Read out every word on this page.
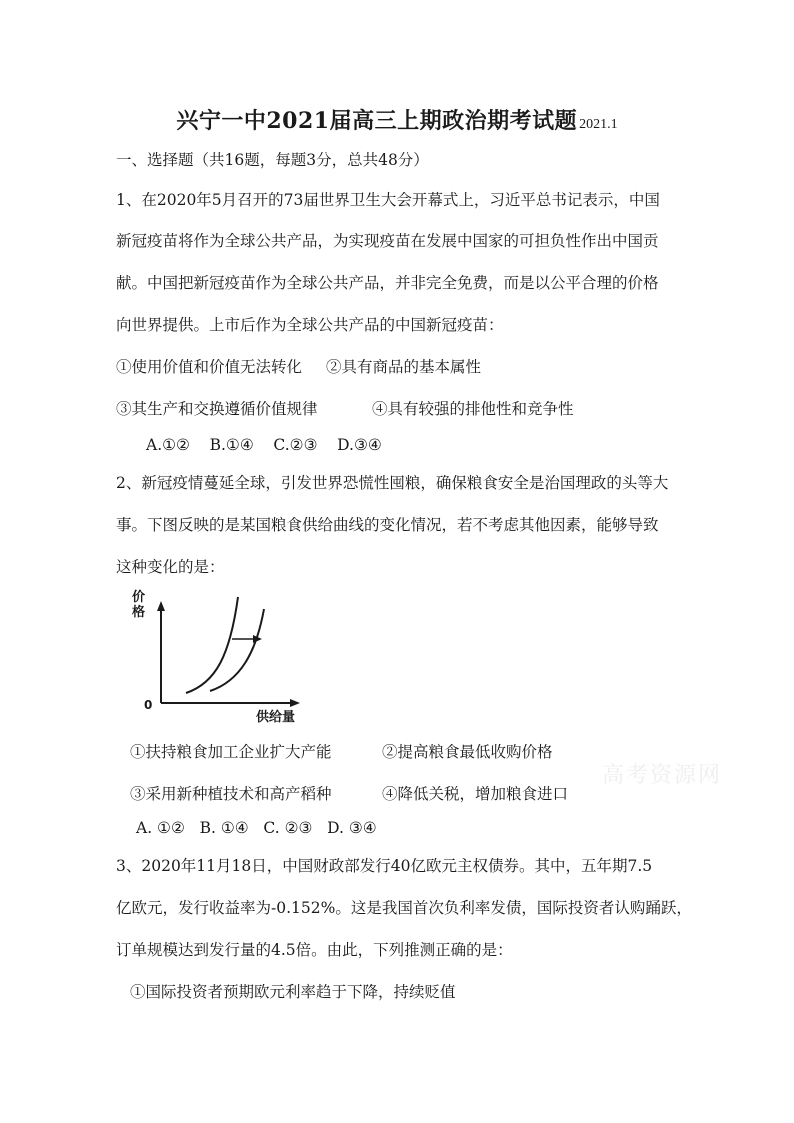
兴宁一中2021届高三上期政治期考试题 2021.1
一、选择题（共16题，每题3分，总共48分）
1、在2020年5月召开的73届世界卫生大会开幕式上，习近平总书记表示，中国
新冠疫苗将作为全球公共产品，为实现疫苗在发展中国家的可担负性作出中国贡
献。中国把新冠疫苗作为全球公共产品，并非完全免费，而是以公平合理的价格
向世界提供。上市后作为全球公共产品的中国新冠疫苗：
①使用价值和价值无法转化 ②具有商品的基本属性
③其生产和交换遵循价值规律	④具有较强的排他性和竞争性
A.①②    B.①④    C.②③    D.③④
2、新冠疫情蔓延全球，引发世界恐慌性囤粮，确保粮食安全是治国理政的头等大
事。下图反映的是某国粮食供给曲线的变化情况，若不考虑其他因素，能够导致
这种变化的是：
价
格
0
供给量
①扶持粮食加工企业扩大产能	②提高粮食最低收购价格
③采用新种植技术和高产稻种	④降低关税，增加粮食进口
A. ①②   B. ①④   C. ②③   D. ③④
3、2020年11月18日，中国财政部发行40亿欧元主权债券。其中，五年期7.5
亿欧元，发行收益率为-0.152%。这是我国首次负利率发债，国际投资者认购踊跃，
订单规模达到发行量的4.5倍。由此，下列推测正确的是：
①国际投资者预期欧元利率趋于下降，持续贬值
高考资源网
